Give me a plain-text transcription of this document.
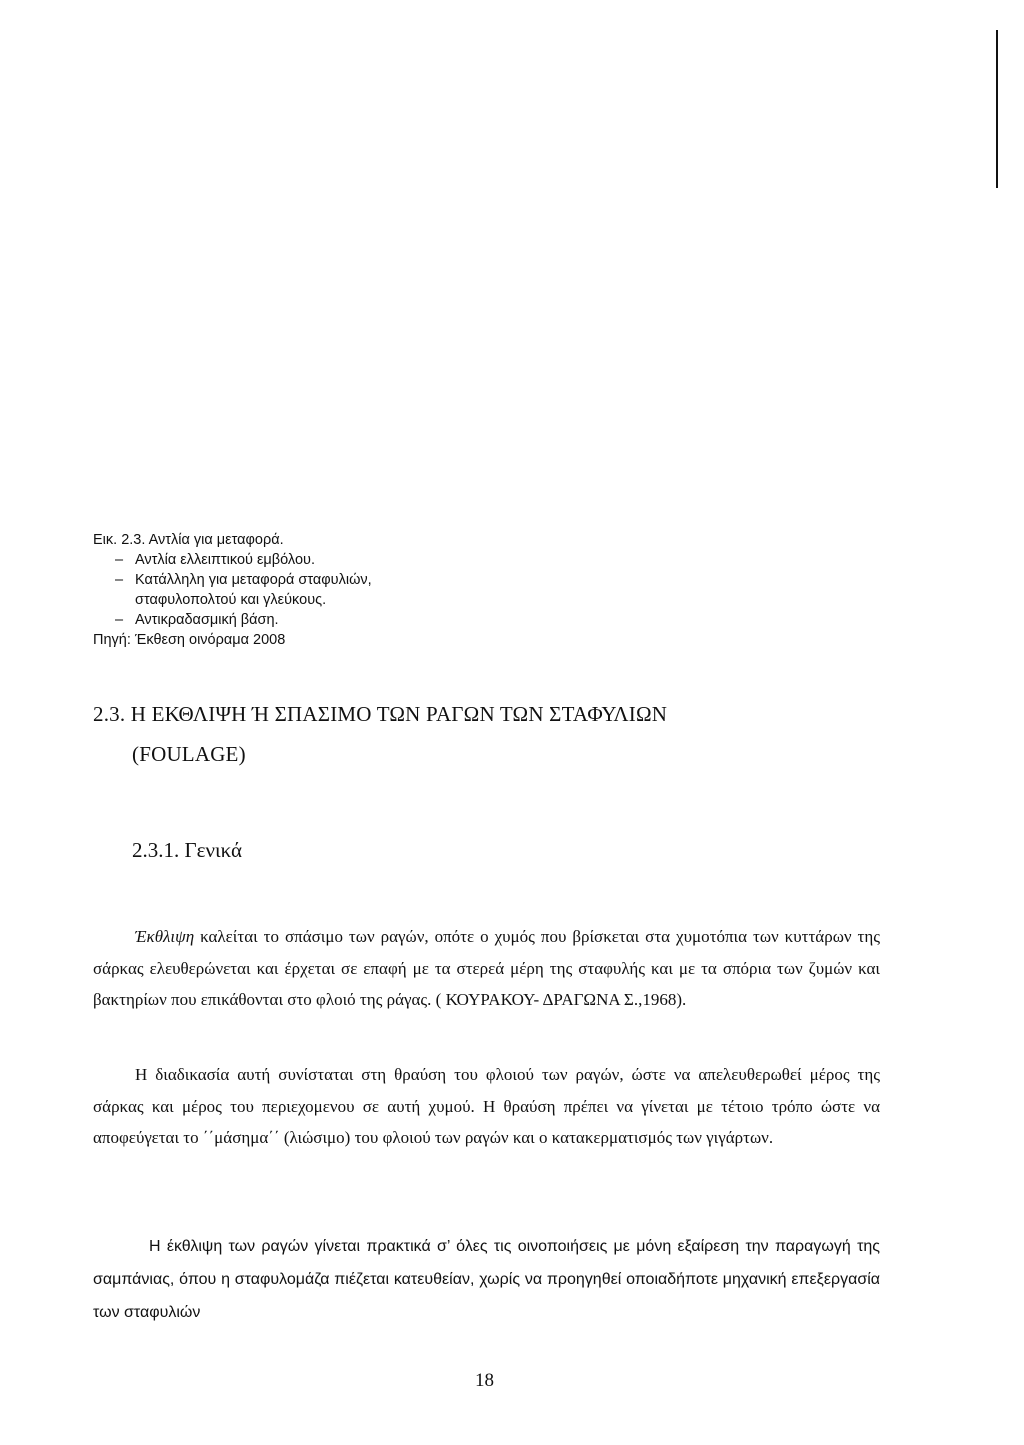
Εικ. 2.3. Αντλία για μεταφορά.
– Αντλία ελλειπτικού εμβόλου.
– Κατάλληλη για μεταφορά σταφυλιών,
σταφυλοπολτού και γλεύκους.
– Αντικραδασμική βάση.
Πηγή: Έκθεση οινόραμα 2008
2.3. Η ΕΚΘΛΙΨΗ Ή ΣΠΑΣΙΜΟ ΤΩΝ ΡΑΓΩΝ ΤΩΝ ΣΤΑΦΥΛΙΩΝ
(FOULAGE)
2.3.1. Γενικά
Έκθλιψη καλείται το σπάσιμο των ραγών, οπότε ο χυμός που βρίσκεται στα χυμοτόπια των κυττάρων της σάρκας ελευθερώνεται και έρχεται σε επαφή με τα στερεά μέρη της σταφυλής και με τα σπόρια των ζυμών και βακτηρίων που επικάθονται στο φλοιό της ράγας. ( ΚΟΥΡΑΚΟΥ- ΔΡΑΓΩΝΑ Σ.,1968).
Η διαδικασία αυτή συνίσταται στη θραύση του φλοιού των ραγών, ώστε να απελευθερωθεί μέρος της σάρκας και μέρος του περιεχομενου σε αυτή χυμού. Η θραύση πρέπει να γίνεται με τέτοιο τρόπο ώστε να αποφεύγεται το ΄΄μάσημα΄΄ (λιώσιμο) του φλοιού των ραγών και ο κατακερματισμός των γιγάρτων.
Η έκθλιψη των ραγών γίνεται πρακτικά σ’ όλες τις οινοποιήσεις με μόνη εξαίρεση την παραγωγή της σαμπάνιας, όπου η σταφυλομάζα πιέζεται κατευθείαν, χωρίς να προηγηθεί οποιαδήποτε μηχανική επεξεργασία των σταφυλιών
18
